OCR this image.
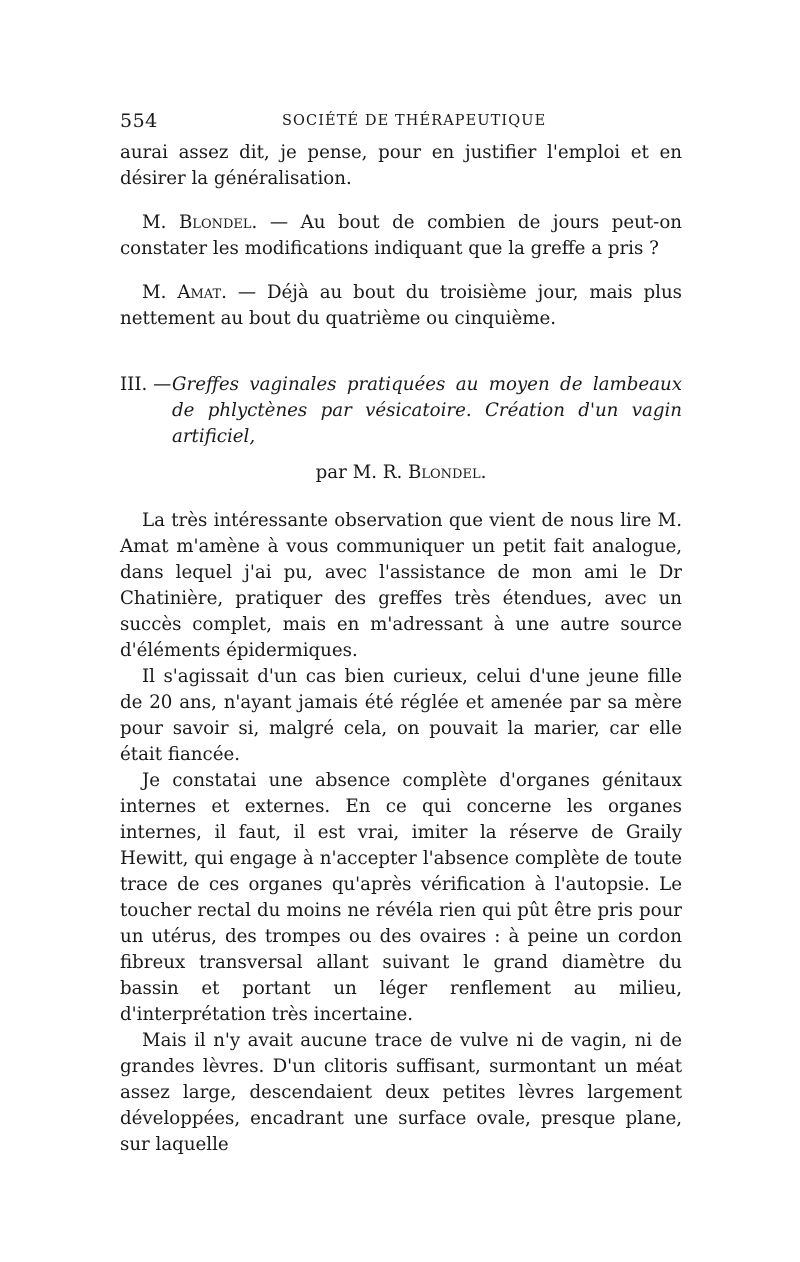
554	SOCIÉTÉ DE THÉRAPEUTIQUE

aurai assez dit, je pense, pour en justifier l'emploi et en désirer la généralisation.

M. Blondel. — Au bout de combien de jours peut-on constater les modifications indiquant que la greffe a pris ?

M. Amat. — Déjà au bout du troisième jour, mais plus nettement au bout du quatrième ou cinquième.

III. — Greffes vaginales pratiquées au moyen de lambeaux de phlyctènes par vésicatoire. Création d'un vagin artificiel,
par M. R. Blondel.

La très intéressante observation que vient de nous lire M. Amat m'amène à vous communiquer un petit fait analogue, dans lequel j'ai pu, avec l'assistance de mon ami le Dr Chatinière, pratiquer des greffes très étendues, avec un succès complet, mais en m'adressant à une autre source d'éléments épidermiques.

Il s'agissait d'un cas bien curieux, celui d'une jeune fille de 20 ans, n'ayant jamais été réglée et amenée par sa mère pour savoir si, malgré cela, on pouvait la marier, car elle était fiancée.

Je constatai une absence complète d'organes génitaux internes et externes. En ce qui concerne les organes internes, il faut, il est vrai, imiter la réserve de Graily Hewitt, qui engage à n'accepter l'absence complète de toute trace de ces organes qu'après vérification à l'autopsie. Le toucher rectal du moins ne révéla rien qui pût être pris pour un utérus, des trompes ou des ovaires : à peine un cordon fibreux transversal allant suivant le grand diamètre du bassin et portant un léger renflement au milieu, d'interprétation très incertaine.

Mais il n'y avait aucune trace de vulve ni de vagin, ni de grandes lèvres. D'un clitoris suffisant, surmontant un méat assez large, descendaient deux petites lèvres largement développées, encadrant une surface ovale, presque plane, sur laquelle
